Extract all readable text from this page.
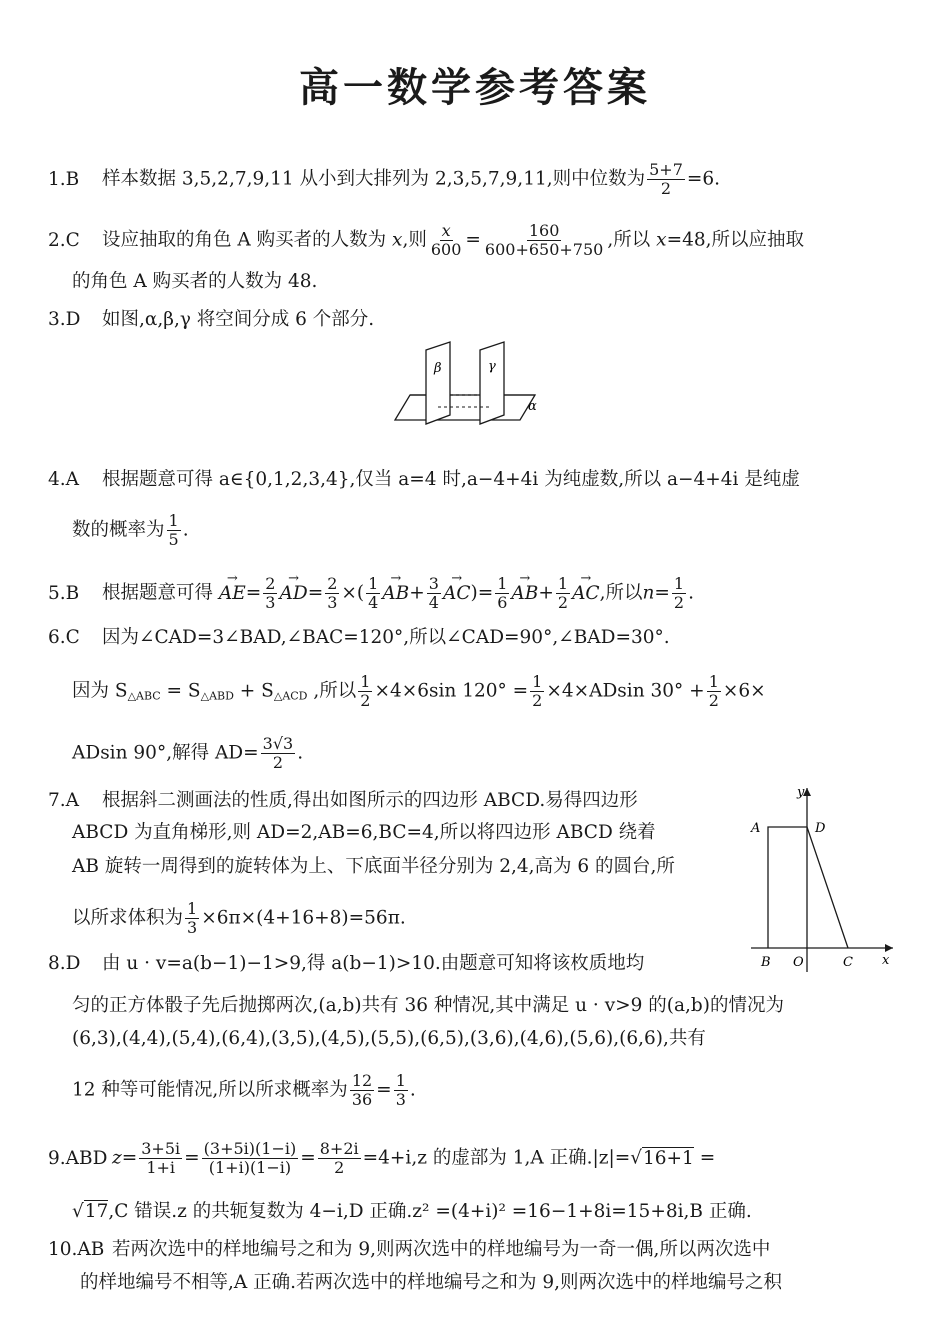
高一数学参考答案
1.B 样本数据 3,5,2,7,9,11 从小到大排列为 2,3,5,7,9,11,则中位数为 $\frac{5+7}{2} =6$.
2.C 设应抽取的角色 A 购买者的人数为 x,则 $\frac{x}{600} = \frac{160}{600+650+750}$ ,所以 x=48,所以应抽取
的角色 A 购买者的人数为 48.
3.D 如图,α,β,γ 将空间分成 6 个部分.
β	γ
α
4.A 根据题意可得 a∈{0,1,2,3,4},仅当 a=4 时,a−4+4i 为纯虚数,所以 a−4+4i 是纯虚
数的概率为 $\frac{1}{5}$ .
5.B 根据题意可得 → $AE= \frac{2}{3}$
→ $AD= \frac{2}{3}$ ×( $\frac{1}{4}$
→ $AB+ \frac{3}{4}$
→ $AC)= \frac{1}{6}$
→ $AB+ \frac{1}{2}$
→ AC,所以$n= \frac{1}{2}$ .
6.C 因为∠CAD=3∠BAD,∠BAC=120°,所以∠CAD=90°,∠BAD=30°.
因为 $S_{\triangle ABC} = S_{\triangle ABD} + S_{\triangle ACD}$ ,所以 $\frac{1}{2} \times 4\times 6\sin$ $120^\circ = \frac{1}{2} \times 4\times ADsin$ $30^\circ + \frac{1}{2} \times 6\times$
ADsin 90°,解得 $AD= \frac{3√3}{2}$ .
7.A 根据斜二测画法的性质,得出如图所示的四边形 ABCD.易得四边形
ABCD 为直角梯形,则 AD=2,AB=6,BC=4,所以将四边形 ABCD 绕着
AB 旋转一周得到的旋转体为上、下底面半径分别为 2,4,高为 6 的圆台,所
以所求体积为 $\frac{1}{3} \times 6\pi\times(4+16+8)=56\pi$.
y
x
A	D
B O	C
8.D 由 u · v=a(b−1)−1>9,得 a(b−1)>10.由题意可知将该枚质地均
匀的正方体骰子先后抛掷两次,(a,b)共有 36 种情况,其中满足 u · v>9 的(a,b)的情况为
(6,3),(4,4),(5,4),(6,4),(3,5),(4,5),(5,5),(6,5),(3,6),(4,6),(5,6),(6,6),共有
12 种等可能情况,所以所求概率为 $\frac{12}{36} = \frac{1}{3}$ .
9.ABD $z= \frac{3+5i}{1+i} = \frac{(3+5i)(1-i)}{(1+i)(1-i)} = \frac{8+2i}{2} =4+i,z$ 的虚部为 1,A 正确.|z|=√16+1 =
√17,C 错误.z 的共轭复数为 4−i,D 正确.z² =(4+i)² =16−1+8i=15+8i,B 正确.
10.AB 若两次选中的样地编号之和为 9,则两次选中的样地编号为一奇一偶,所以两次选中
的样地编号不相等,A 正确.若两次选中的样地编号之和为 9,则两次选中的样地编号之积
